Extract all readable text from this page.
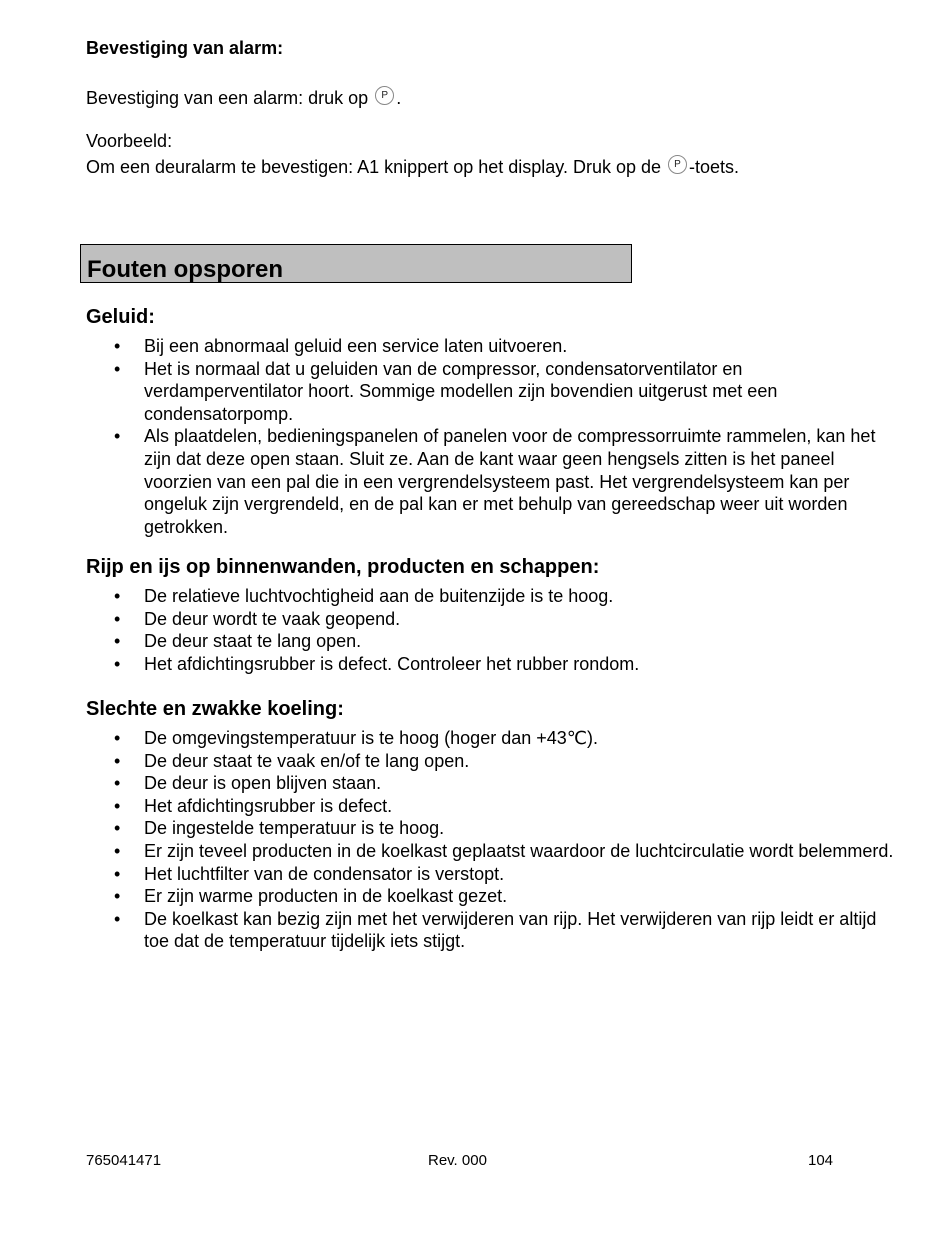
Bevestiging van alarm:
Bevestiging van een alarm: druk op P .
Voorbeeld:
Om een deuralarm te bevestigen: A1 knippert op het display. Druk op de P -toets.
Fouten opsporen
Geluid:
• Bij een abnormaal geluid een service laten uitvoeren.
• Het is normaal dat u geluiden van de compressor, condensatorventilator en verdamperventilator hoort. Sommige modellen zijn bovendien uitgerust met een condensatorpomp.
• Als plaatdelen, bedieningspanelen of panelen voor de compressorruimte rammelen, kan het zijn dat deze open staan. Sluit ze. Aan de kant waar geen hengsels zitten is het paneel voorzien van een pal die in een vergrendelsysteem past. Het vergrendelsysteem kan per ongeluk zijn vergrendeld, en de pal kan er met behulp van gereedschap weer uit worden getrokken.
Rijp en ijs op binnenwanden, producten en schappen:
• De relatieve luchtvochtigheid aan de buitenzijde is te hoog.
• De deur wordt te vaak geopend.
• De deur staat te lang open.
• Het afdichtingsrubber is defect. Controleer het rubber rondom.
Slechte en zwakke koeling:
• De omgevingstemperatuur is te hoog (hoger dan +43℃).
• De deur staat te vaak en/of te lang open.
• De deur is open blijven staan.
• Het afdichtingsrubber is defect.
• De ingestelde temperatuur is te hoog.
• Er zijn teveel producten in de koelkast geplaatst waardoor de luchtcirculatie wordt belemmerd.
• Het luchtfilter van de condensator is verstopt.
• Er zijn warme producten in de koelkast gezet.
• De koelkast kan bezig zijn met het verwijderen van rijp. Het verwijderen van rijp leidt er altijd toe dat de temperatuur tijdelijk iets stijgt.
765041471	Rev. 000	104
